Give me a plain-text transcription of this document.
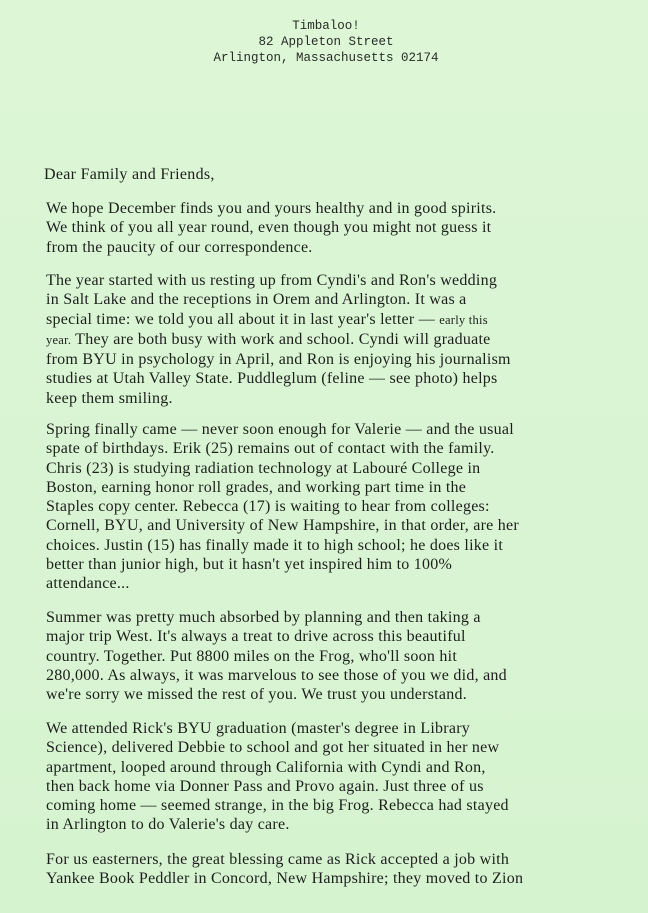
Timbaloo!
82 Appleton Street
Arlington, Massachusetts 02174
Dear Family and Friends,

We hope December finds you and yours healthy and in good spirits.
We think of you all year round, even though you might not guess it
from the paucity of our correspondence.

The year started with us resting up from Cyndi's and Ron's wedding
in Salt Lake and the receptions in Orem and Arlington. It was a
special time: we told you all about it in last year's letter — early this
year. They are both busy with work and school. Cyndi will graduate
from BYU in psychology in April, and Ron is enjoying his journalism
studies at Utah Valley State. Puddleglum (feline — see photo) helps
keep them smiling.

Spring finally came — never soon enough for Valerie — and the usual
spate of birthdays. Erik (25) remains out of contact with the family.
Chris (23) is studying radiation technology at Labouré College in
Boston, earning honor roll grades, and working part time in the
Staples copy center. Rebecca (17) is waiting to hear from colleges:
Cornell, BYU, and University of New Hampshire, in that order, are her
choices. Justin (15) has finally made it to high school; he does like it
better than junior high, but it hasn't yet inspired him to 100%
attendance...

Summer was pretty much absorbed by planning and then taking a
major trip West. It's always a treat to drive across this beautiful
country. Together. Put 8800 miles on the Frog, who'll soon hit
280,000. As always, it was marvelous to see those of you we did, and
we're sorry we missed the rest of you. We trust you understand.

We attended Rick's BYU graduation (master's degree in Library
Science), delivered Debbie to school and got her situated in her new
apartment, looped around through California with Cyndi and Ron,
then back home via Donner Pass and Provo again. Just three of us
coming home — seemed strange, in the big Frog. Rebecca had stayed
in Arlington to do Valerie's day care.

For us easterners, the great blessing came as Rick accepted a job with
Yankee Book Peddler in Concord, New Hampshire; they moved to Zion
